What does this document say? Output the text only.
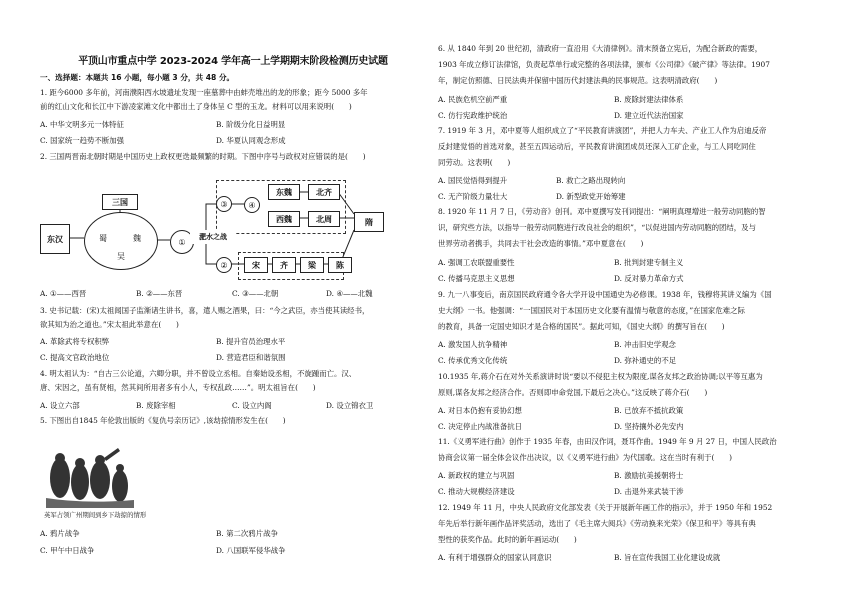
平顶山市重点中学 2023-2024 学年高一上学期期末阶段检测历史试题
一、选择题：本题共 16 小题，每小题 3 分，共 48 分。
1. 距今6000 多年前，河南濮阳西水坡遗址发现一座墓葬中由蚌壳堆出的龙的形象；距今 5000 多年
前的红山文化和长江中下游凌家滩文化中都出土了身体呈 C 型的玉龙。材料可以用来说明(　　)
A. 中华文明多元一体特征	B. 阶级分化日益明显
C. 国家统一趋势不断加强	D. 华夏认同观念形成
2. 三国两晋南北朝时期是中国历史上政权更迭最频繁的时期。下图中序号与政权对应错误的是(　　)
东汉
三国
蜀	魏
吴
①
③
②
④
东魏	北齐
西魏	北周
淝水之战
宋	齐	梁	陈
隋
A. ①——西晋	B. ②——东晋	C. ③——北朝	D. ④——北魏
3. 史书记载：(宋)太祖闻国子监渐诸生讲书，喜，遣人赐之酒果，曰：“今之武臣，亦当使其读经书，
欲其知为治之道也。”宋太祖此举意在(　　)
A. 革除武将专权积弊	B. 提升官员治理水平
C. 提高文官政治地位	D. 营造君臣和谐氛围
4. 明太祖认为：“自古三公论道，六卿分职，并不曾设立丞相。自秦始设丞相，不旋踵而亡。汉、
唐、宋因之，虽有贤相，然其间所用者多有小人，专权乱政……”。明太祖旨在(　　)
A. 设立六部	B. 废除宰相	C. 设立内阁	D. 设立锦衣卫
5. 下图出自1845 年伦敦出版的《复仇号亲历记》,该劫掠情形发生在(　　)
英军占领广州期间到乡下劫掠的情形
A. 鸦片战争	B. 第二次鸦片战争
C. 甲午中日战争	D. 八国联军侵华战争
6. 从 1840 年到 20 世纪初，清政府一直沿用《大清律例》。清末预备立宪后，为配合新政的需要，
1903 年成立修订法律馆，负责起草单行或完整的各项法律，颁布《公司律》《破产律》等法律。1907
年，制定仿照德、日民法典并保留中国历代封建法典的民事规范。这表明清政府(　　)
A. 民族危机空前严重	B. 废除封建法律体系
C. 仿行宪政维护统治	D. 建立近代法治国家
7. 1919 年 3 月，邓中夏等人组织成立了“平民教育讲演团”，并把人力车夫、产业工人作为启迪反帝
反封建觉悟的首选对象，甚至五四运动后，平民教育讲演团成员还深入工矿企业，与工人同吃同住
同劳动。这表明(　　)
A. 国民觉悟得到提升	B. 救亡之路出现转向
C. 无产阶级力量壮大	D. 新型政党开始筹建
8. 1920 年 11 月 7 日，《劳动音》创刊。邓中夏撰写发刊词提出：“阐明真理增进一般劳动同胞的智
识，研究些方法，以指导一般劳动同胞进行改良社会的组织”，“以促进国内劳动同胞的团结，及与
世界劳动者携手，共同去干社会改造的事情。”邓中夏意在(　　)
A. 强调工农联盟重要性	B. 批判封建专制主义
C. 传播马克思主义思想	D. 反对暴力革命方式
9. 九一八事变后，南京国民政府通令各大学开设中国通史为必修课。1938 年，钱穆将其讲义编为《国
史大纲》一书。他强调：“一国国民对于本国历史文化要有温情与敬意的态度，”在国家危难之际
的教育，具备一定国史知识才是合格的国民”。据此可知，《国史大纲》的撰写旨在(　　)
A. 激发国人抗争精神	B. 冲击旧史学观念
C. 传承优秀文化传统	D. 弥补通史的不足
10.1935 年,蒋介石在对外关系演讲时说“要以不侵犯主权为限度,谋各友邦之政治协调;以平等互惠为
原则,谋各友邦之经济合作。否则即申命党国,下最后之决心。”这反映了蒋介石(　　)
A. 对日本仍抱有妥协幻想	B. 已放弃不抵抗政策
C. 决定停止内战准备抗日	D. 坚持攘外必先安内
11.《义勇军进行曲》创作于 1935 年春，由田汉作词，聂耳作曲。1949 年 9 月 27 日，中国人民政治
协商会议第一届全体会议作出决议，以《义勇军进行曲》为代国歌。这在当时有利于(　　)
A. 新政权的建立与巩固	B. 激励抗美援朝将士
C. 推动大规模经济建设	D. 击退外来武装干涉
12. 1949 年 11 月，中央人民政府文化部发表《关于开展新年画工作的指示》，并于 1950 年和 1952
年先后举行新年画作品评奖活动，选出了《毛主席大阅兵》《劳动换来光荣》《保卫和平》等具有典
型性的获奖作品。此时的新年画运动(　　)
A. 有利于增强群众的国家认同意识	B. 旨在宣传我国工业化建设成就
